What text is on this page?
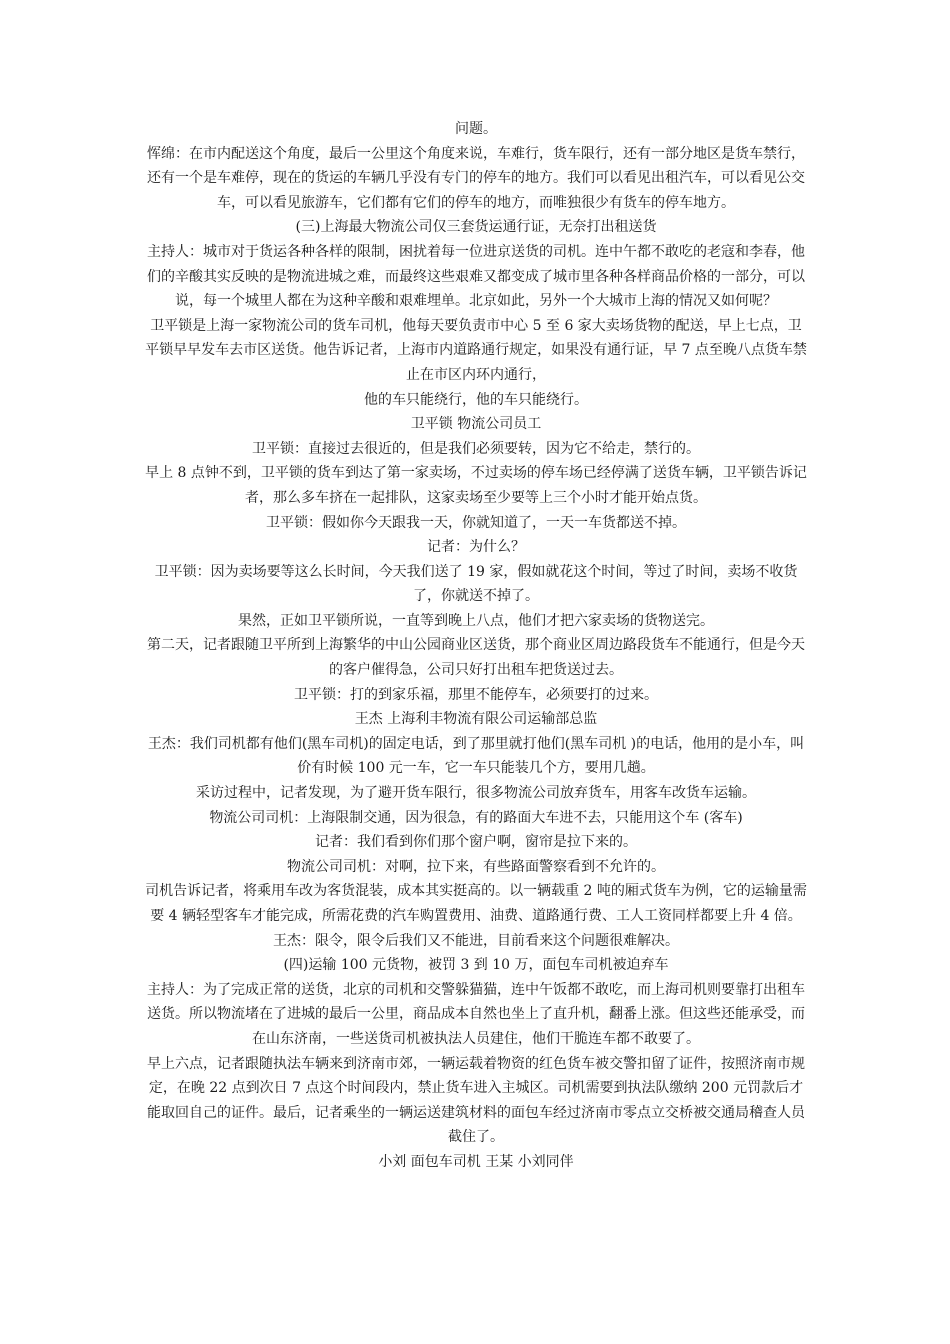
问题。

恽绵：在市内配送这个角度，最后一公里这个角度来说，车难行，货车限行，还有一部分地区是货车禁行，还有一个是车难停，现在的货运的车辆几乎没有专门的停车的地方。我们可以看见出租汽车，可以看见公交车，可以看见旅游车，它们都有它们的停车的地方，而唯独很少有货车的停车地方。

(三)上海最大物流公司仅三套货运通行证，无奈打出租送货

主持人：城市对于货运各种各样的限制，困扰着每一位进京送货的司机。连中午都不敢吃的老寇和李春，他们的辛酸其实反映的是物流进城之难，而最终这些艰难又都变成了城市里各种各样商品价格的一部分，可以说，每一个城里人都在为这种辛酸和艰难埋单。北京如此，另外一个大城市上海的情况又如何呢？

卫平锁是上海一家物流公司的货车司机，他每天要负责市中心 5 至 6 家大卖场货物的配送，早上七点，卫平锁早早发车去市区送货。他告诉记者，上海市内道路通行规定，如果没有通行证，早 7 点至晚八点货车禁止在市区内环内通行，

他的车只能绕行，他的车只能绕行。

卫平锁 物流公司员工

卫平锁：直接过去很近的，但是我们必须要转，因为它不给走，禁行的。

早上 8 点钟不到，卫平锁的货车到达了第一家卖场，不过卖场的停车场已经停满了送货车辆，卫平锁告诉记者，那么多车挤在一起排队，这家卖场至少要等上三个小时才能开始点货。

卫平锁：假如你今天跟我一天，你就知道了，一天一车货都送不掉。

记者：为什么？

卫平锁：因为卖场要等这么长时间，今天我们送了 19 家，假如就花这个时间，等过了时间，卖场不收货了，你就送不掉了。

果然，正如卫平锁所说，一直等到晚上八点，他们才把六家卖场的货物送完。

第二天，记者跟随卫平所到上海繁华的中山公园商业区送货，那个商业区周边路段货车不能通行，但是今天的客户催得急，公司只好打出租车把货送过去。

卫平锁：打的到家乐福，那里不能停车，必须要打的过来。

王杰 上海利丰物流有限公司运输部总监

王杰：我们司机都有他们(黑车司机)的固定电话，到了那里就打他们(黑车司机 )的电话，他用的是小车，叫价有时候 100 元一车，它一车只能装几个方，要用几趟。

采访过程中，记者发现，为了避开货车限行，很多物流公司放弃货车，用客车改货车运输。

物流公司司机：上海限制交通，因为很急，有的路面大车进不去，只能用这个车 (客车)

记者：我们看到你们那个窗户啊，窗帘是拉下来的。

物流公司司机：对啊，拉下来，有些路面警察看到不允许的。

司机告诉记者，将乘用车改为客货混装，成本其实挺高的。以一辆载重 2 吨的厢式货车为例，它的运输量需要 4 辆轻型客车才能完成，所需花费的汽车购置费用、油费、道路通行费、工人工资同样都要上升 4 倍。

王杰：限令，限令后我们又不能进，目前看来这个问题很难解决。

(四)运输 100 元货物，被罚 3 到 10 万，面包车司机被迫弃车

主持人：为了完成正常的送货，北京的司机和交警躲猫猫，连中午饭都不敢吃，而上海司机则要靠打出租车送货。所以物流堵在了进城的最后一公里，商品成本自然也坐上了直升机，翻番上涨。但这些还能承受，而在山东济南，一些送货司机被执法人员建住，他们干脆连车都不敢要了。

早上六点，记者跟随执法车辆来到济南市郊，一辆运载着物资的红色货车被交警扣留了证件，按照济南市规定，在晚 22 点到次日 7 点这个时间段内，禁止货车进入主城区。司机需要到执法队缴纳 200 元罚款后才能取回自己的证件。最后，记者乘坐的一辆运送建筑材料的面包车经过济南市零点立交桥被交通局稽查人员截住了。

小刘 面包车司机 王某 小刘同伴
